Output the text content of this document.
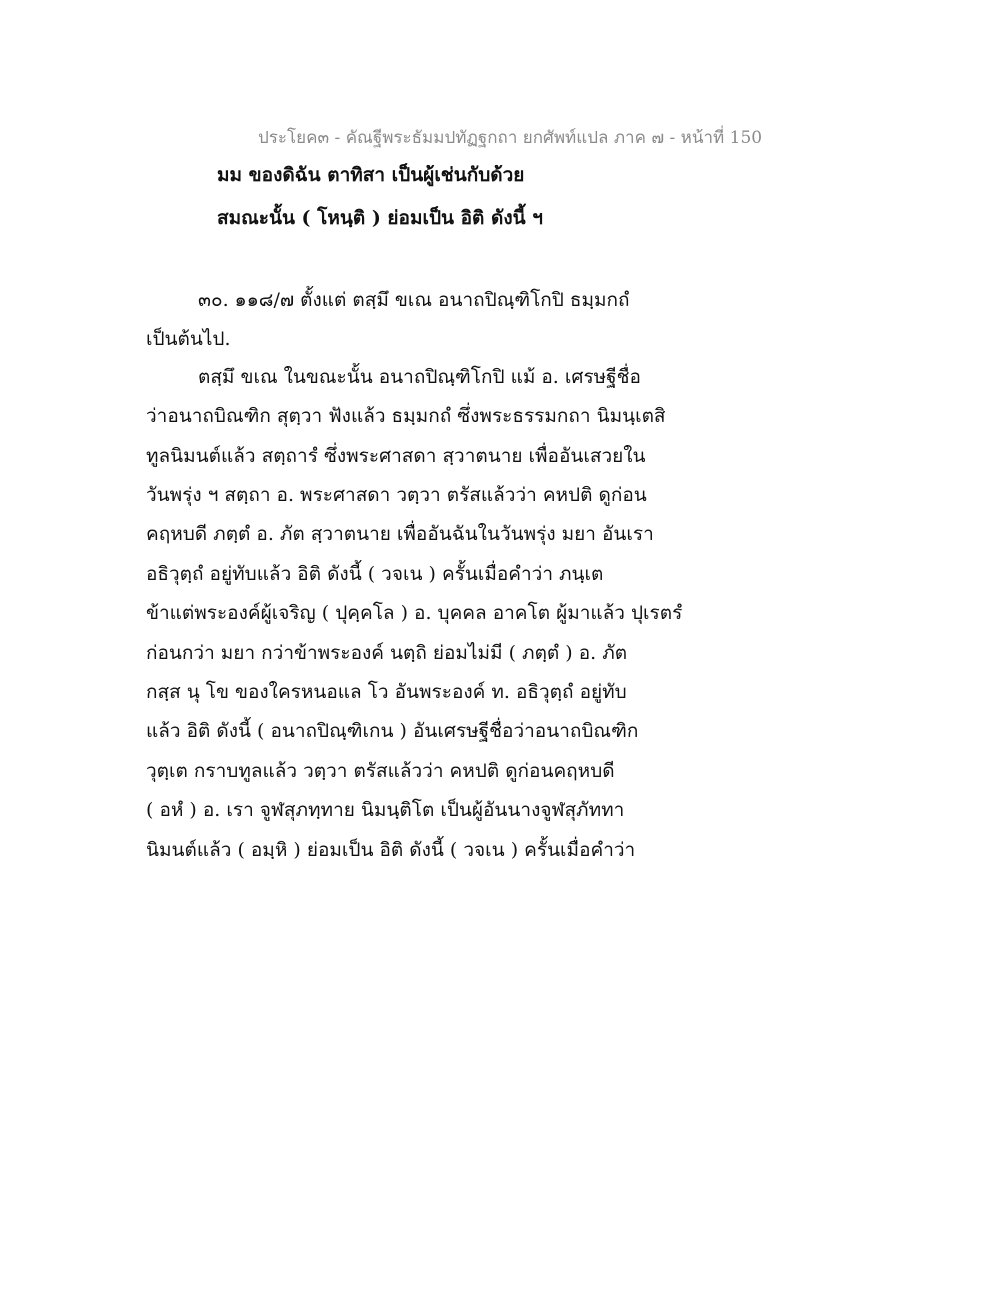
ประโยค๓ - คัณฐีพระธัมมปทัฏฐกถา ยกศัพท์แปล ภาค ๗ - หน้าที่ 150
มม ของดิฉัน ตาทิสา เป็นผู้เช่นกับด้วย
สมณะนั้น ( โหนฺติ ) ย่อมเป็น อิติ ดังนี้ ฯ
๓๐. ๑๑๘/๗ ตั้งแต่ ตสฺมึ ขเณ อนาถปิณฺฑิโกปิ ธมฺมกถํ
เป็นต้นไป.
ตสฺมึ ขเณ ในขณะนั้น อนาถปิณฺฑิโกปิ แม้ อ. เศรษฐีชื่อ
ว่าอนาถบิณฑิก สุตฺวา ฟังแล้ว ธมฺมกถํ ซึ่งพระธรรมกถา นิมนฺเตสิ
ทูลนิมนต์แล้ว สตฺถารํ ซึ่งพระศาสดา สฺวาตนาย เพื่ออันเสวยใน
วันพรุ่ง ฯ สตฺถา อ. พระศาสดา วตฺวา ตรัสแล้วว่า คหปติ ดูก่อน
คฤหบดี ภตฺตํ อ. ภัต สฺวาตนาย เพื่ออันฉันในวันพรุ่ง มยา อันเรา
อธิวุตฺถํ อยู่ทับแล้ว อิติ ดังนี้ ( วจเน ) ครั้นเมื่อคำว่า ภนฺเต
ข้าแต่พระองค์ผู้เจริญ ( ปุคฺคโล ) อ. บุคคล อาคโต ผู้มาแล้ว ปุเรตรํ
ก่อนกว่า มยา กว่าข้าพระองค์ นตฺถิ ย่อมไม่มี ( ภตฺตํ ) อ. ภัต
กสฺส นุ โข ของใครหนอแล โว อันพระองค์ ท. อธิวุตฺถํ อยู่ทับ
แล้ว อิติ ดังนี้ ( อนาถปิณฺฑิเกน ) อันเศรษฐีชื่อว่าอนาถบิณฑิก
วุตฺเต กราบทูลแล้ว วตฺวา ตรัสแล้วว่า คหปติ ดูก่อนคฤหบดี
( อหํ ) อ. เรา จูฬสุภทฺทาย นิมนฺติโต เป็นผู้อันนางจูฬสุภัททา
นิมนต์แล้ว ( อมฺหิ ) ย่อมเป็น อิติ ดังนี้ ( วจเน ) ครั้นเมื่อคำว่า
